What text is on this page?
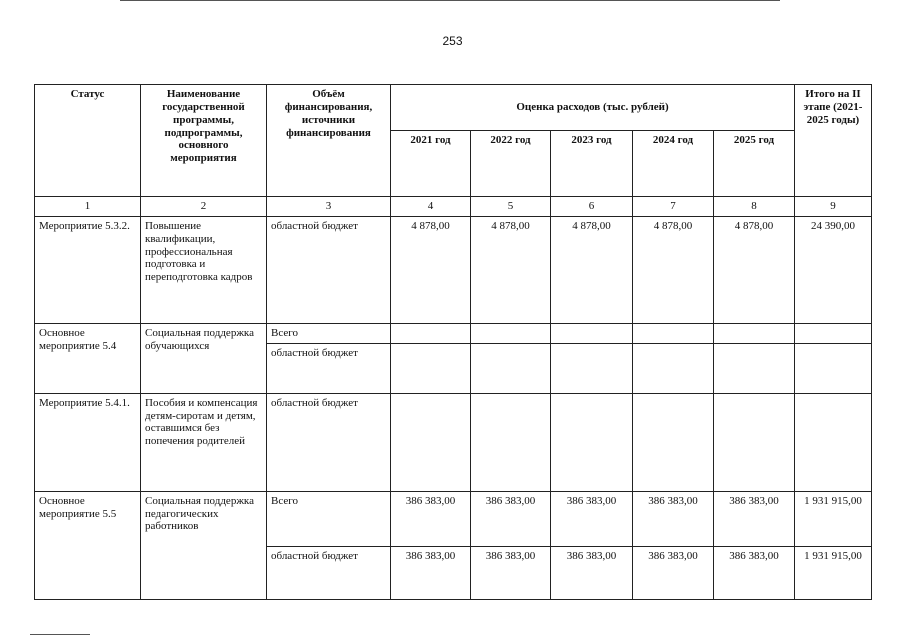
253
Статус	Наименование государственной программы, подпрограммы, основного мероприятия	Объём финансирования, источники финансирования	Оценка расходов (тыс. рублей)					Итого на II этапе (2021-2025 годы)
			2021 год	2022 год	2023 год	2024 год	2025 год	
1	2	3	4	5	6	7	8	9
Мероприятие 5.3.2.	Повышение квалификации, профессиональная подготовка и переподготовка кадров	областной бюджет	4 878,00	4 878,00	4 878,00	4 878,00	4 878,00	24 390,00
Основное мероприятие 5.4	Социальная поддержка обучающихся	Всего						
		областной бюджет						
Мероприятие 5.4.1.	Пособия и компенсация детям-сиротам и детям, оставшимся без попечения родителей	областной бюджет						
Основное мероприятие 5.5	Социальная поддержка педагогических работников	Всего	386 383,00	386 383,00	386 383,00	386 383,00	386 383,00	1 931 915,00
		областной бюджет	386 383,00	386 383,00	386 383,00	386 383,00	386 383,00	1 931 915,00
